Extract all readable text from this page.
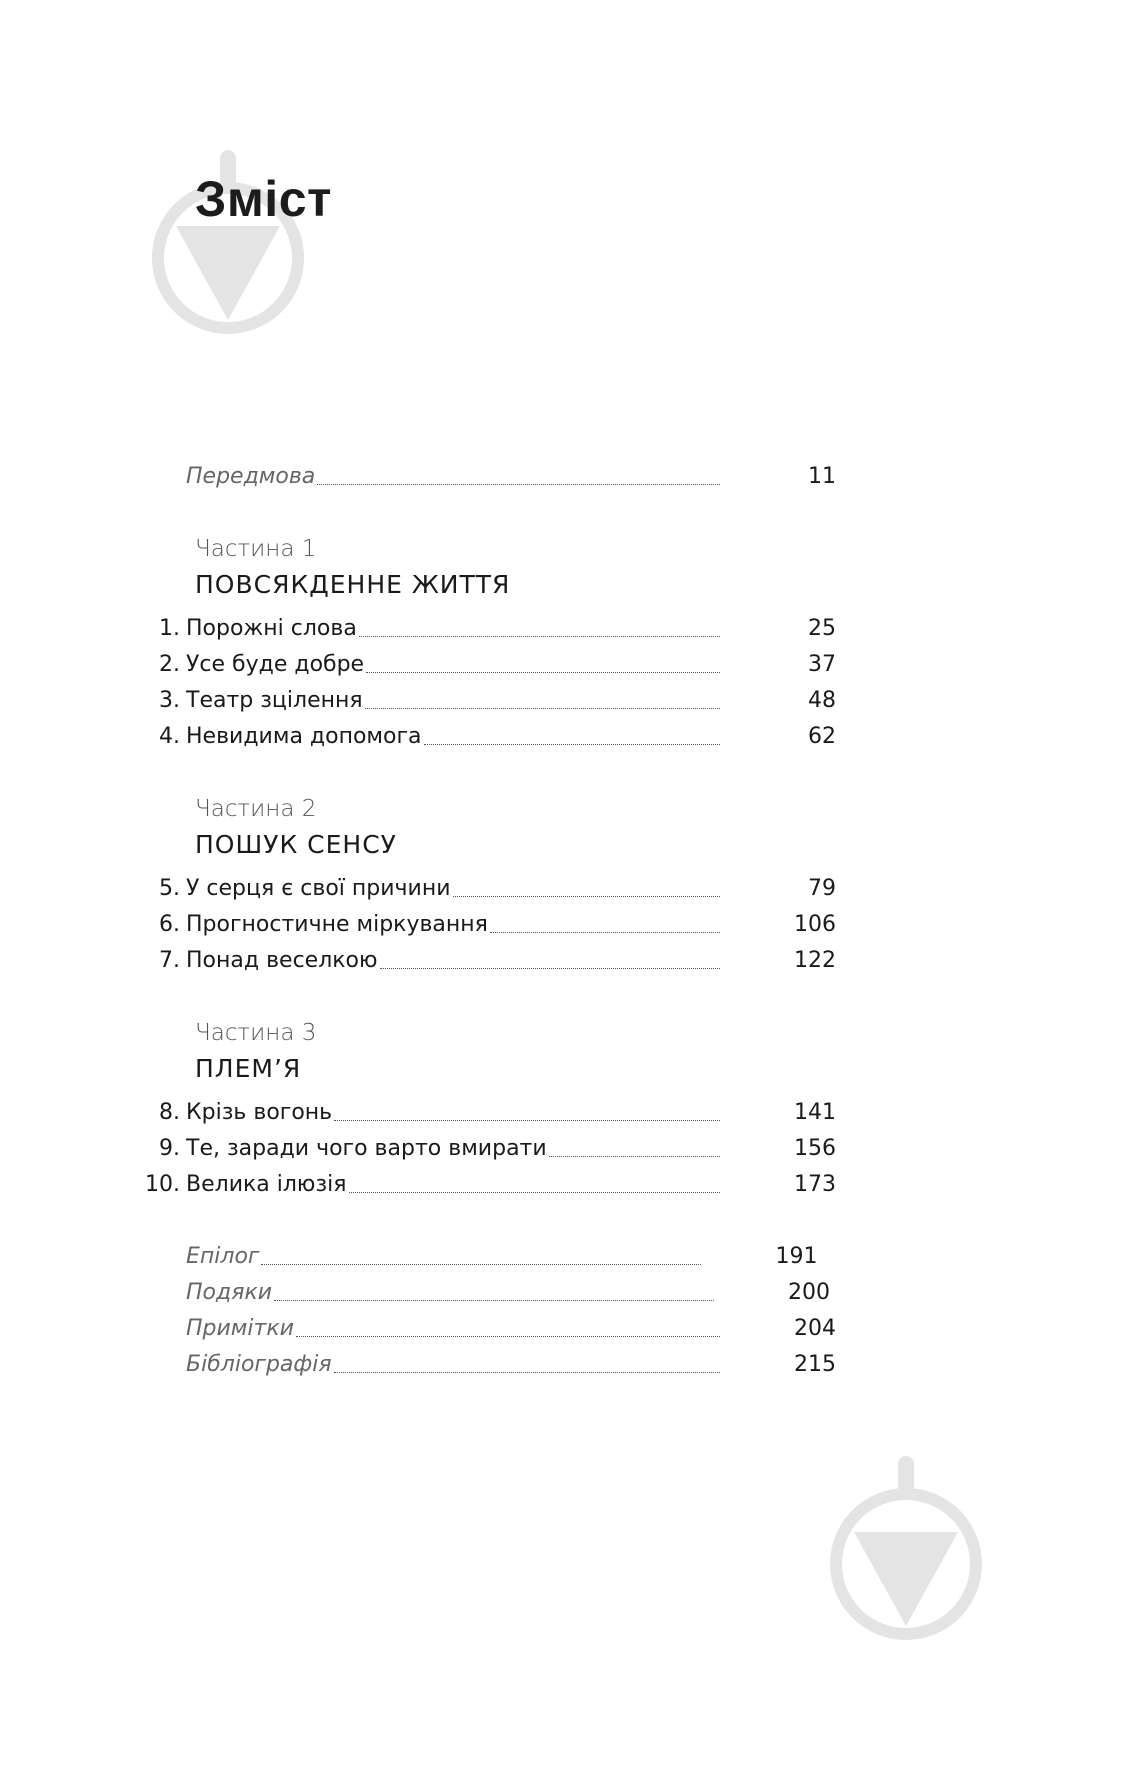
Зміст
Передмова	11
Частина 1
ПОВСЯКДЕННЕ ЖИТТЯ
1. Порожні слова	25
2. Усе буде добре	37
3. Театр зцілення	48
4. Невидима допомога	62
Частина 2
ПОШУК СЕНСУ
5. У серця є свої причини	79
6. Прогностичне міркування	106
7. Понад веселкою	122
Частина 3
ПЛЕМ’Я
8. Крізь вогонь	141
9. Те, заради чого варто вмирати	156
10. Велика ілюзія	173
Епілог	191
Подяки	200
Примітки	204
Бібліографія	215
